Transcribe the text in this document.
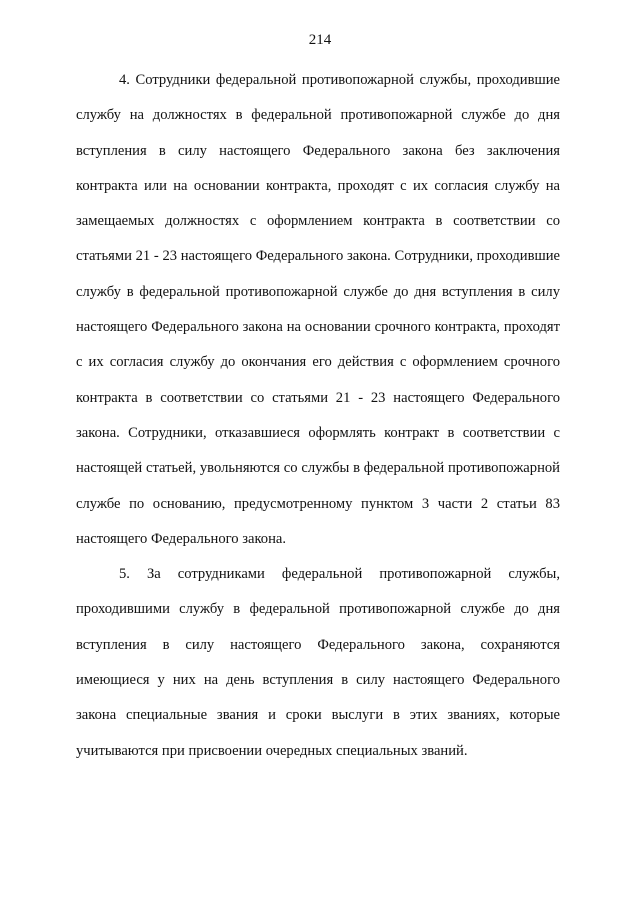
214

4. Сотрудники федеральной противопожарной службы, проходившие службу на должностях в федеральной противопожарной службе до дня вступления в силу настоящего Федерального закона без заключения контракта или на основании контракта, проходят с их согласия службу на замещаемых должностях с оформлением контракта в соответствии со статьями 21 - 23 настоящего Федерального закона. Сотрудники, проходившие службу в федеральной противопожарной службе до дня вступления в силу настоящего Федерального закона на основании срочного контракта, проходят с их согласия службу до окончания его действия с оформлением срочного контракта в соответствии со статьями 21 - 23 настоящего Федерального закона. Сотрудники, отказавшиеся оформлять контракт в соответствии с настоящей статьей, увольняются со службы в федеральной противопожарной службе по основанию, предусмотренному пунктом 3 части 2 статьи 83 настоящего Федерального закона.

5. За сотрудниками федеральной противопожарной службы, проходившими службу в федеральной противопожарной службе до дня вступления в силу настоящего Федерального закона, сохраняются имеющиеся у них на день вступления в силу настоящего Федерального закона специальные звания и сроки выслуги в этих званиях, которые учитываются при присвоении очередных специальных званий.
